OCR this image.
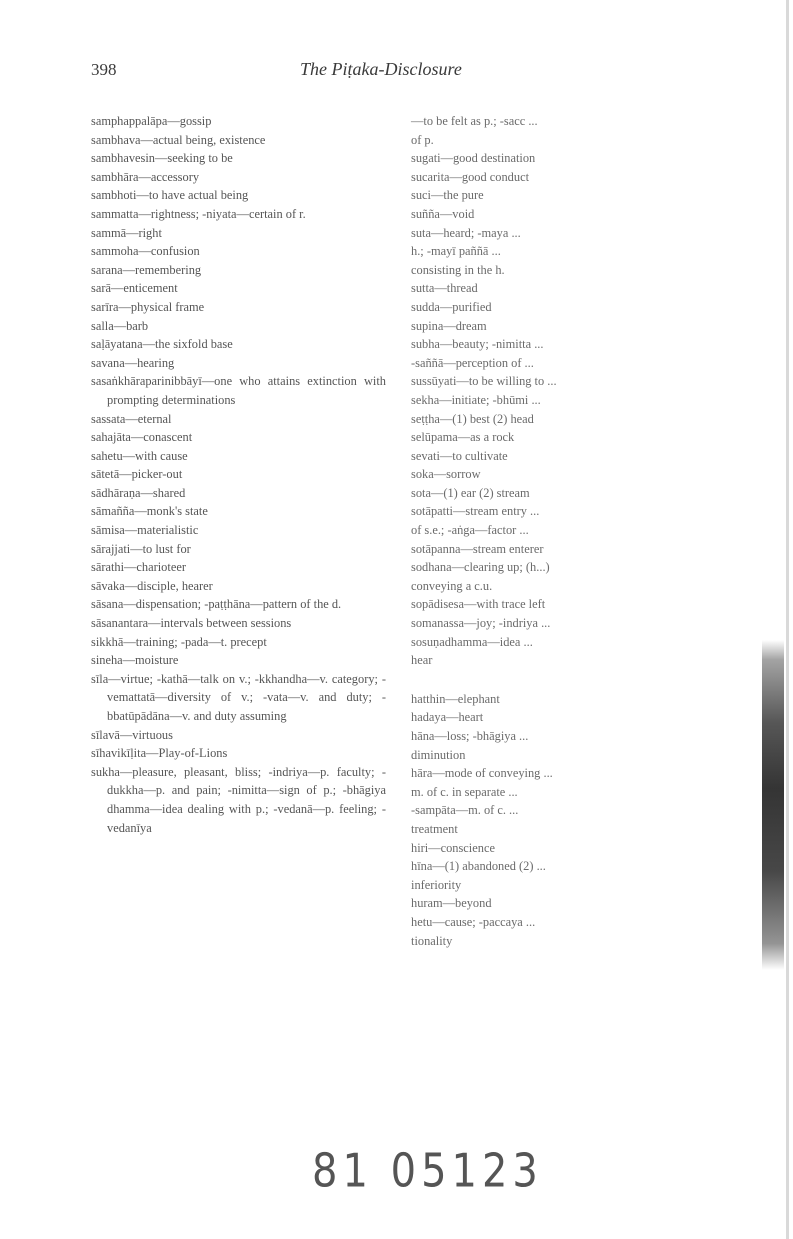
398	The Piṭaka-Disclosure

samphappalāpa—gossip

sambhava—actual being, existence

sambhavesin—seeking to be

sambhāra—accessory

sambhoti—to have actual being

sammatta—rightness; -niyata—certain of r.

sammā—right

sammoha—confusion

sarana—remembering

sarā—enticement

sarīra—physical frame

salla—barb

saḷāyatana—the sixfold base

savana—hearing

sasaṅkhāraparinibbāyī—one who attains extinction with prompting determinations

sassata—eternal

sahajāta—conascent

sahetu—with cause

sātetā—picker-out

sādhāraṇa—shared

sāmañña—monk's state

sāmisa—materialistic

sārajjati—to lust for

sārathi—charioteer

sāvaka—disciple, hearer

sāsana—dispensation; -paṭṭhāna—pattern of the d.

sāsanantara—intervals between sessions

sikkhā—training; -pada—t. precept

sineha—moisture

sīla—virtue; -kathā—talk on v.; -kkhandha—v. category; -vemattatā—diversity of v.; -vata—v. and duty; -bbatūpādāna—v. and duty assuming

sīlavā—virtuous

sīhavikīḷita—Play-of-Lions

sukha—pleasure, pleasant, bliss; -indriya—p. faculty; -dukkha—p. and pain; -nimitta—sign of p.; -bhāgiya dhamma—idea dealing with p.; -vedanā—p. feeling; -vedanīya

—to be felt as p.; -sacc ...

of p.

sugati—good destination

sucarita—good conduct

suci—the pure

suñña—void

suta—heard; -maya ...

h.; -mayī paññā ...

consisting in the h.

sutta—thread

sudda—purified

supina—dream

subha—beauty; -nimitta ...

-saññā—perception of ...

sussūyati—to be willing to ...

sekha—initiate; -bhūmi ...

seṭṭha—(1) best (2) head

selūpama—as a rock

sevati—to cultivate

soka—sorrow

sota—(1) ear (2) stream

sotāpatti—stream entry ...

of s.e.; -aṅga—factor ...

sotāpanna—stream enterer

sodhana—clearing up; (h...)

conveying a c.u.

sopādisesa—with trace left

somanassa—joy; -indriya ...

sosuṇadhamma—idea ...

hear

hatthin—elephant

hadaya—heart

hāna—loss; -bhāgiya ...

diminution

hāra—mode of conveying ...

m. of c. in separate ...

-sampāta—m. of c. ...

treatment

hiri—conscience

hīna—(1) abandoned (2) ...

inferiority

huram—beyond

hetu—cause; -paccaya ...

tionality

81 05123
